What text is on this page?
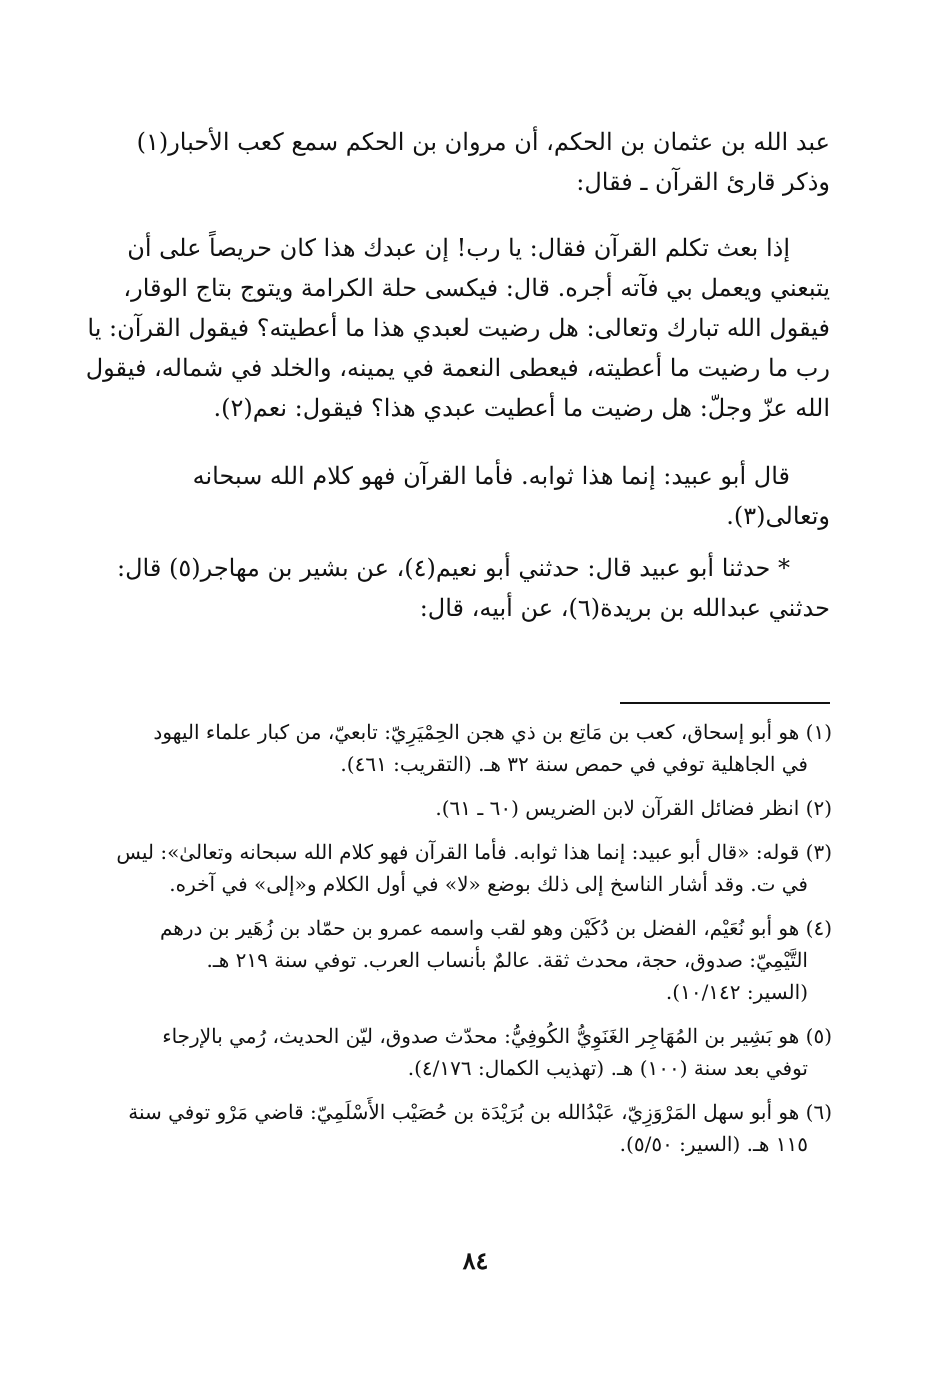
عبد الله بن عثمان بن الحكم، أن مروان بن الحكم سمع كعب الأحبار(١)
وذكر قارئ القرآن ـ فقال:
إذا بعث تكلم القرآن فقال: يا رب! إن عبدك هذا كان حريصاً على أن
يتبعني ويعمل بي فآته أجره. قال: فيكسى حلة الكرامة ويتوج بتاج الوقار،
فيقول الله تبارك وتعالى: هل رضيت لعبدي هذا ما أعطيته؟ فيقول القرآن: يا
رب ما رضيت ما أعطيته، فيعطى النعمة في يمينه، والخلد في شماله، فيقول
الله عزّ وجلّ: هل رضيت ما أعطيت عبدي هذا؟ فيقول: نعم(٢).
قال أبو عبيد: إنما هذا ثوابه. فأما القرآن فهو كلام الله سبحانه
وتعالى(٣).
* حدثنا أبو عبيد قال: حدثني أبو نعيم(٤)، عن بشير بن مهاجر(٥) قال:
حدثني عبدالله بن بريدة(٦)، عن أبيه، قال:
(١) هو أبو إسحاق، كعب بن مَاتِع بن ذي هجن الحِمْيَرِيّ: تابعيّ، من كبار علماء اليهود
في الجاهلية توفي في حمص سنة ٣٢ هـ. (التقريب: ٤٦١).
(٢) انظر فضائل القرآن لابن الضريس (٦٠ ـ ٦١).
(٣) قوله: «قال أبو عبيد: إنما هذا ثوابه. فأما القرآن فهو كلام الله سبحانه وتعالىٰ»: ليس
في ت. وقد أشار الناسخ إلى ذلك بوضع «لا» في أول الكلام و«إلى» في آخره.
(٤) هو أبو نُعَيْم، الفضل بن دُكَيْن وهو لقب واسمه عمرو بن حمّاد بن زُهَير بن درهم
التَّيْمِيّ: صدوق، حجة، محدث ثقة. عالمٌ بأنساب العرب. توفي سنة ٢١٩ هـ.
(السير: ١٠/١٤٢).
(٥) هو بَشِير بن المُهَاجِر الغَنَوِيُّ الكُوفِيُّ: محدّث صدوق، ليّن الحديث، رُمي بالإرجاء
توفي بعد سنة (١٠٠) هـ. (تهذيب الكمال: ٤/١٧٦).
(٦) هو أبو سهل المَرْوَزِيّ، عَبْدُالله بن بُرَيْدَة بن حُصَيْب الأَسْلَمِيّ: قاضي مَرْو توفي سنة
١١٥ هـ. (السير: ٥/٥٠).
٨٤
